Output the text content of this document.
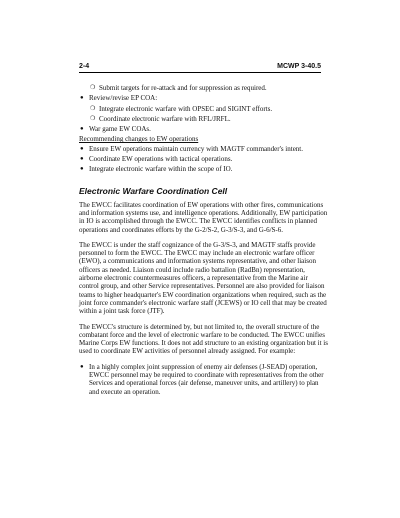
2-4	MCWP 3-40.5

❍ Submit targets for re-attack and for suppression as required.

● Review/revise EP COA:

❍ Integrate electronic warfare with OPSEC and SIGINT efforts.

❍ Coordinate electronic warfare with RFL/JRFL.

● War game EW COAs.

Recommending changes to EW operations

● Ensure EW operations maintain currency with MAGTF commander's intent.

● Coordinate EW operations with tactical operations.

● Integrate electronic warfare within the scope of IO.

Electronic Warfare Coordination Cell

The EWCC facilitates coordination of EW operations with other fires, communications and information systems use, and intelligence operations. Additionally, EW participation in IO is accomplished through the EWCC. The EWCC identifies conflicts in planned operations and coordinates efforts by the G-2/S-2, G-3/S-3, and G-6/S-6.

The EWCC is under the staff cognizance of the G-3/S-3, and MAGTF staffs provide personnel to form the EWCC. The EWCC may include an electronic warfare officer (EWO), a communications and information systems representative, and other liaison officers as needed. Liaison could include radio battalion (RadBn) representation, airborne electronic countermeasures officers, a representative from the Marine air control group, and other Service representatives. Personnel are also provided for liaison teams to higher headquarter's EW coordination organizations when required, such as the joint force commander's electronic warfare staff (JCEWS) or IO cell that may be created within a joint task force (JTF).

The EWCC's structure is determined by, but not limited to, the overall structure of the combatant force and the level of electronic warfare to be conducted. The EWCC unifies Marine Corps EW functions. It does not add structure to an existing organization but it is used to coordinate EW activities of personnel already assigned. For example:

● In a highly complex joint suppression of enemy air defenses (J-SEAD) operation, EWCC personnel may be required to coordinate with representatives from the other Services and operational forces (air defense, maneuver units, and artillery) to plan and execute an operation.
